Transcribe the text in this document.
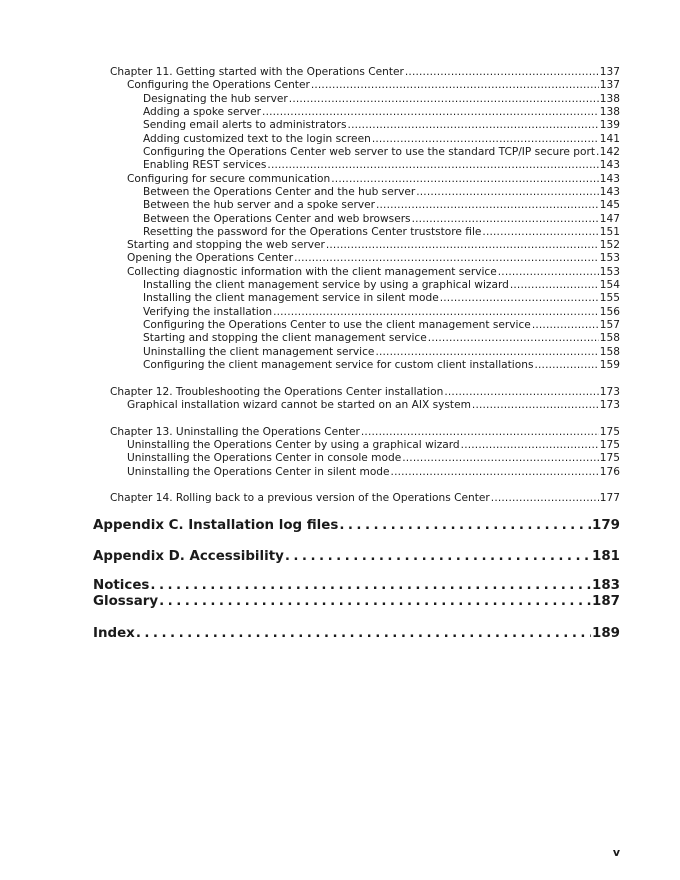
Chapter 11. Getting started with the Operations Center . . .	137
Configuring the Operations Center . . .	137
Designating the hub server . . .	138
Adding a spoke server . . .	138
Sending email alerts to administrators . . .	139
Adding customized text to the login screen . . .	141
Configuring the Operations Center web server to use the standard TCP/IP secure port . . . 142
Enabling REST services . . .	143
Configuring for secure communication . . .	143
Between the Operations Center and the hub server . . .	143
Between the hub server and a spoke server . . .	145
Between the Operations Center and web browsers . . .	147
Resetting the password for the Operations Center truststore file . . .	151
Starting and stopping the web server . . .	152
Opening the Operations Center . . .	153
Collecting diagnostic information with the client management service . . .	153
Installing the client management service by using a graphical wizard . . .	154
Installing the client management service in silent mode . . .	155
Verifying the installation . . .	156
Configuring the Operations Center to use the client management service . . .	157
Starting and stopping the client management service . . .	158
Uninstalling the client management service . . .	158
Configuring the client management service for custom client installations . . .	159
Chapter 12. Troubleshooting the Operations Center installation . . .	173
Graphical installation wizard cannot be started on an AIX system . . .	173
Chapter 13. Uninstalling the Operations Center . . .	175
Uninstalling the Operations Center by using a graphical wizard . . .	175
Uninstalling the Operations Center in console mode . . .	175
Uninstalling the Operations Center in silent mode . . .	176
Chapter 14. Rolling back to a previous version of the Operations Center . . .	177
Appendix C. Installation log files . . .	179
Appendix D. Accessibility . . .	181
Notices . . .	183
Glossary . . .	187
Index . . .	189
v
